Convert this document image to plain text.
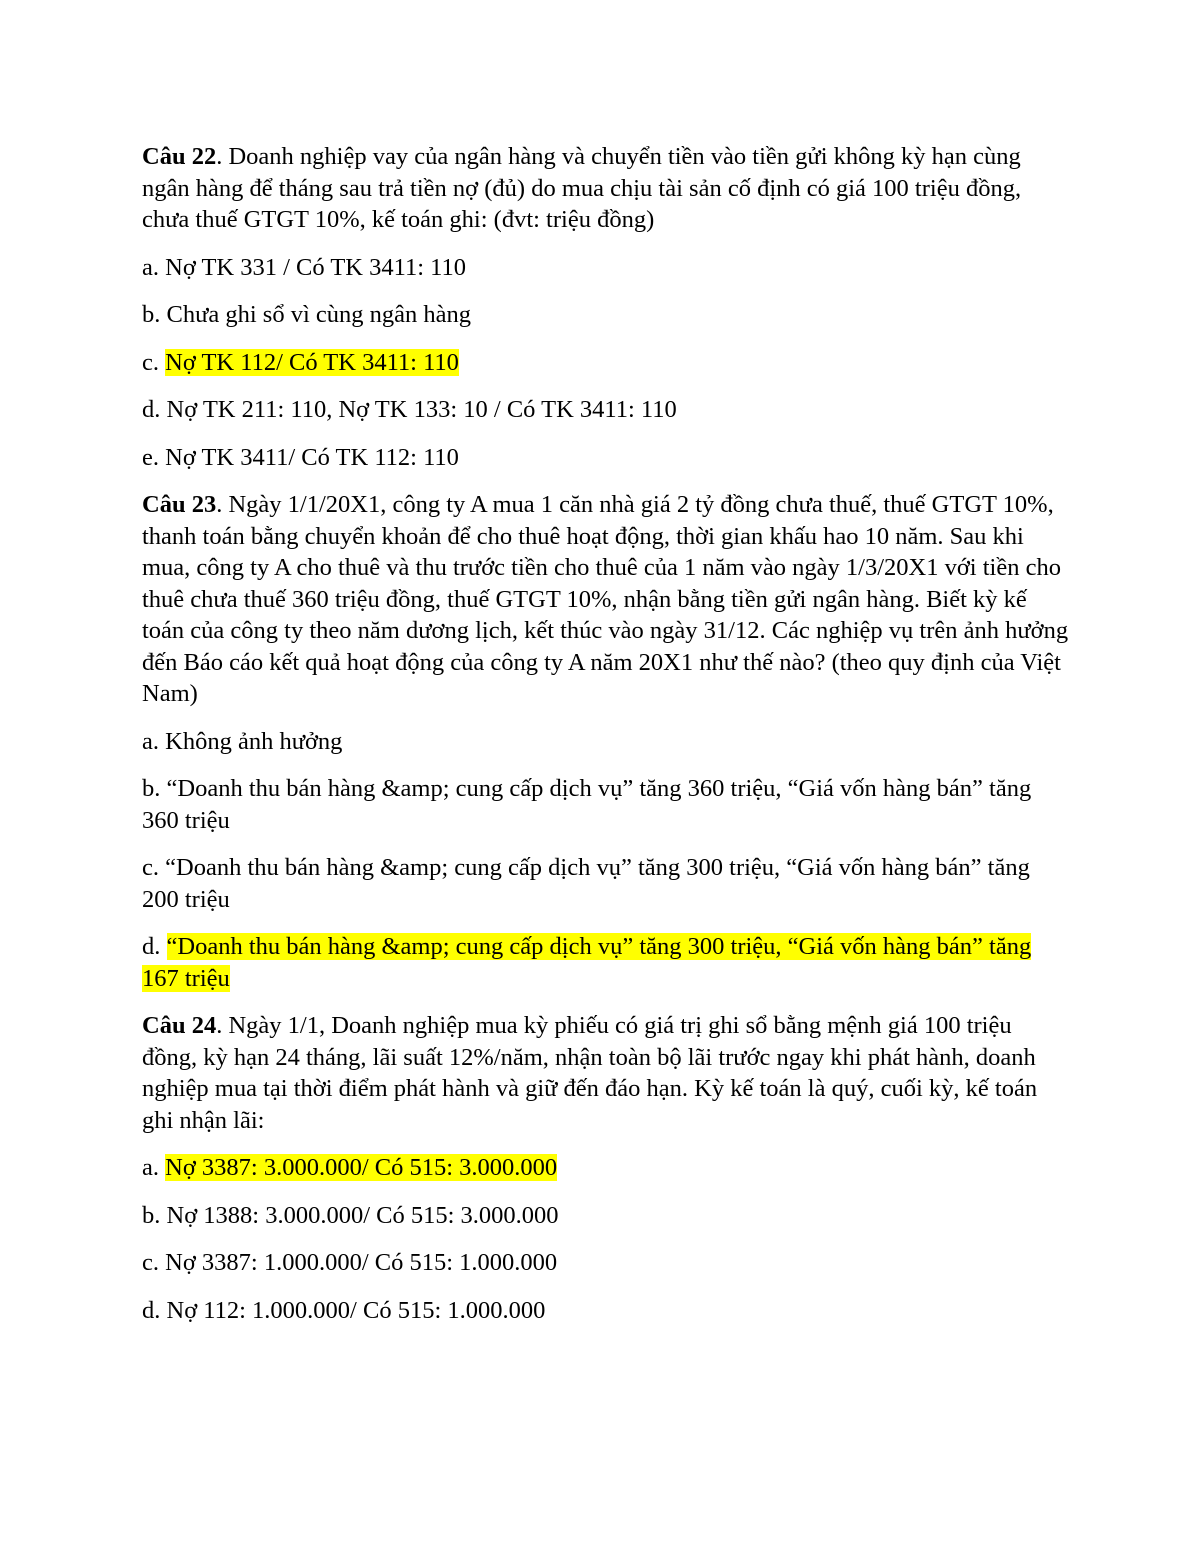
Câu 22. Doanh nghiệp vay của ngân hàng và chuyển tiền vào tiền gửi không kỳ hạn cùng ngân hàng để tháng sau trả tiền nợ (đủ) do mua chịu tài sản cố định có giá 100 triệu đồng, chưa thuế GTGT 10%, kế toán ghi: (đvt: triệu đồng)

a. Nợ TK 331 / Có TK 3411: 110

b. Chưa ghi sổ vì cùng ngân hàng

c. Nợ TK 112/ Có TK 3411: 110

d. Nợ TK 211: 110, Nợ TK 133: 10 / Có TK 3411: 110

e. Nợ TK 3411/ Có TK 112: 110

Câu 23. Ngày 1/1/20X1, công ty A mua 1 căn nhà giá 2 tỷ đồng chưa thuế, thuế GTGT 10%, thanh toán bằng chuyển khoản để cho thuê hoạt động, thời gian khấu hao 10 năm. Sau khi mua, công ty A cho thuê và thu trước tiền cho thuê của 1 năm vào ngày 1/3/20X1 với tiền cho thuê chưa thuế 360 triệu đồng, thuế GTGT 10%, nhận bằng tiền gửi ngân hàng. Biết kỳ kế toán của công ty theo năm dương lịch, kết thúc vào ngày 31/12. Các nghiệp vụ trên ảnh hưởng đến Báo cáo kết quả hoạt động của công ty A năm 20X1 như thế nào? (theo quy định của Việt Nam)

a. Không ảnh hưởng

b. “Doanh thu bán hàng &amp; cung cấp dịch vụ” tăng 360 triệu, “Giá vốn hàng bán” tăng 360 triệu

c. “Doanh thu bán hàng &amp; cung cấp dịch vụ” tăng 300 triệu, “Giá vốn hàng bán” tăng 200 triệu

d. “Doanh thu bán hàng &amp; cung cấp dịch vụ” tăng 300 triệu, “Giá vốn hàng bán” tăng 167 triệu

Câu 24. Ngày 1/1, Doanh nghiệp mua kỳ phiếu có giá trị ghi sổ bằng mệnh giá 100 triệu đồng, kỳ hạn 24 tháng, lãi suất 12%/năm, nhận toàn bộ lãi trước ngay khi phát hành, doanh nghiệp mua tại thời điểm phát hành và giữ đến đáo hạn. Kỳ kế toán là quý, cuối kỳ, kế toán ghi nhận lãi:

a. Nợ 3387: 3.000.000/ Có 515: 3.000.000

b. Nợ 1388: 3.000.000/ Có 515: 3.000.000

c. Nợ 3387: 1.000.000/ Có 515: 1.000.000

d. Nợ 112: 1.000.000/ Có 515: 1.000.000
